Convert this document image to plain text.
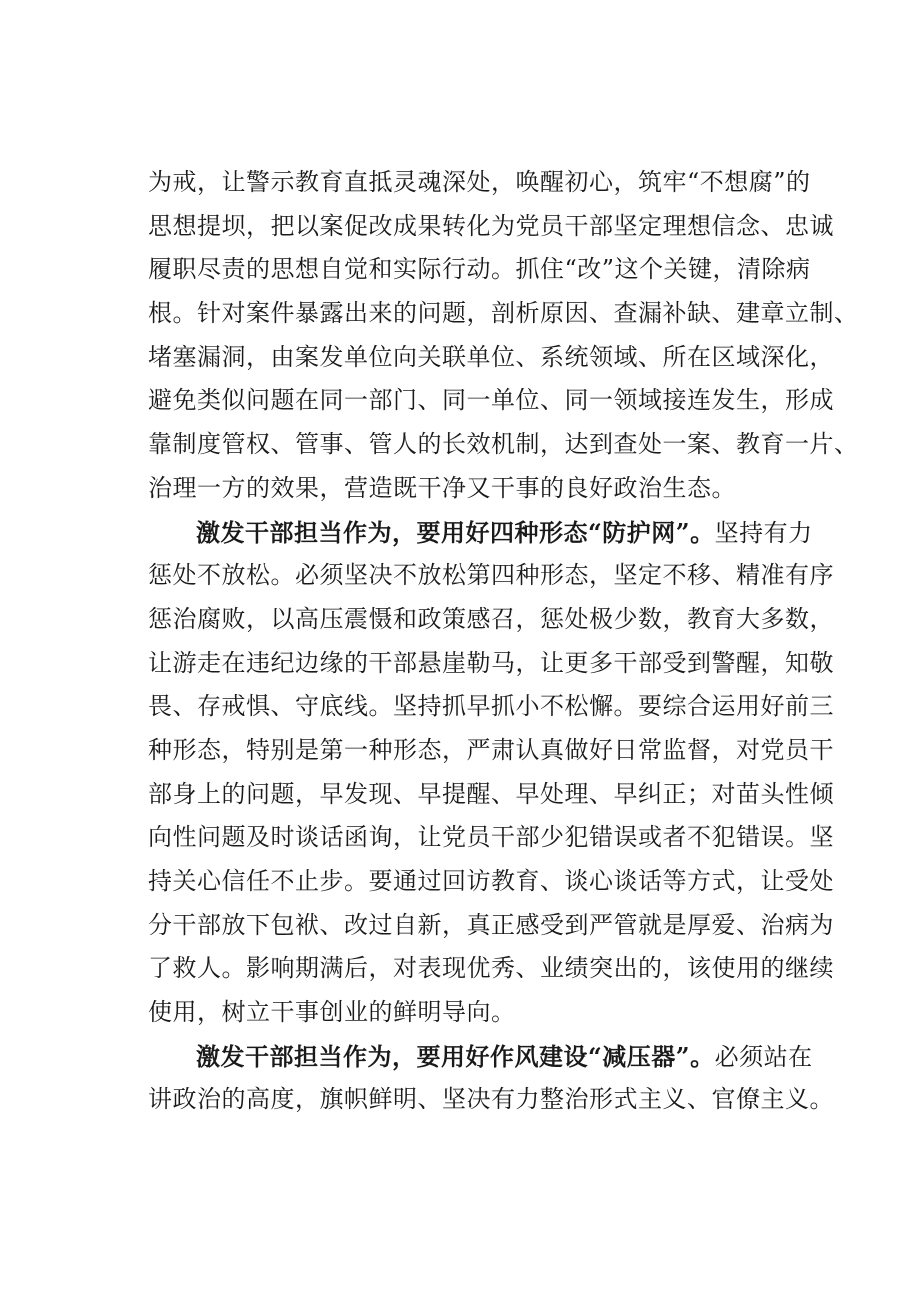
为戒，让警示教育直抵灵魂深处，唤醒初心，筑牢“不想腐”的
思想提坝，把以案促改成果转化为党员干部坚定理想信念、忠诚
履职尽责的思想自觉和实际行动。抓住“改”这个关键，清除病
根。针对案件暴露出来的问题，剖析原因、查漏补缺、建章立制、
堵塞漏洞，由案发单位向关联单位、系统领域、所在区域深化，
避免类似问题在同一部门、同一单位、同一领域接连发生，形成
靠制度管权、管事、管人的长效机制，达到查处一案、教育一片、
治理一方的效果，营造既干净又干事的良好政治生态。
激发干部担当作为，要用好四种形态“防护网”。坚持有力
惩处不放松。必须坚决不放松第四种形态，坚定不移、精准有序
惩治腐败，以高压震慑和政策感召，惩处极少数，教育大多数，
让游走在违纪边缘的干部悬崖勒马，让更多干部受到警醒，知敬
畏、存戒惧、守底线。坚持抓早抓小不松懈。要综合运用好前三
种形态，特别是第一种形态，严肃认真做好日常监督，对党员干
部身上的问题，早发现、早提醒、早处理、早纠正；对苗头性倾
向性问题及时谈话函询，让党员干部少犯错误或者不犯错误。坚
持关心信任不止步。要通过回访教育、谈心谈话等方式，让受处
分干部放下包袱、改过自新，真正感受到严管就是厚爱、治病为
了救人。影响期满后，对表现优秀、业绩突出的，该使用的继续
使用，树立干事创业的鲜明导向。
激发干部担当作为，要用好作风建设“减压器”。必须站在
讲政治的高度，旗帜鲜明、坚决有力整治形式主义、官僚主义。
